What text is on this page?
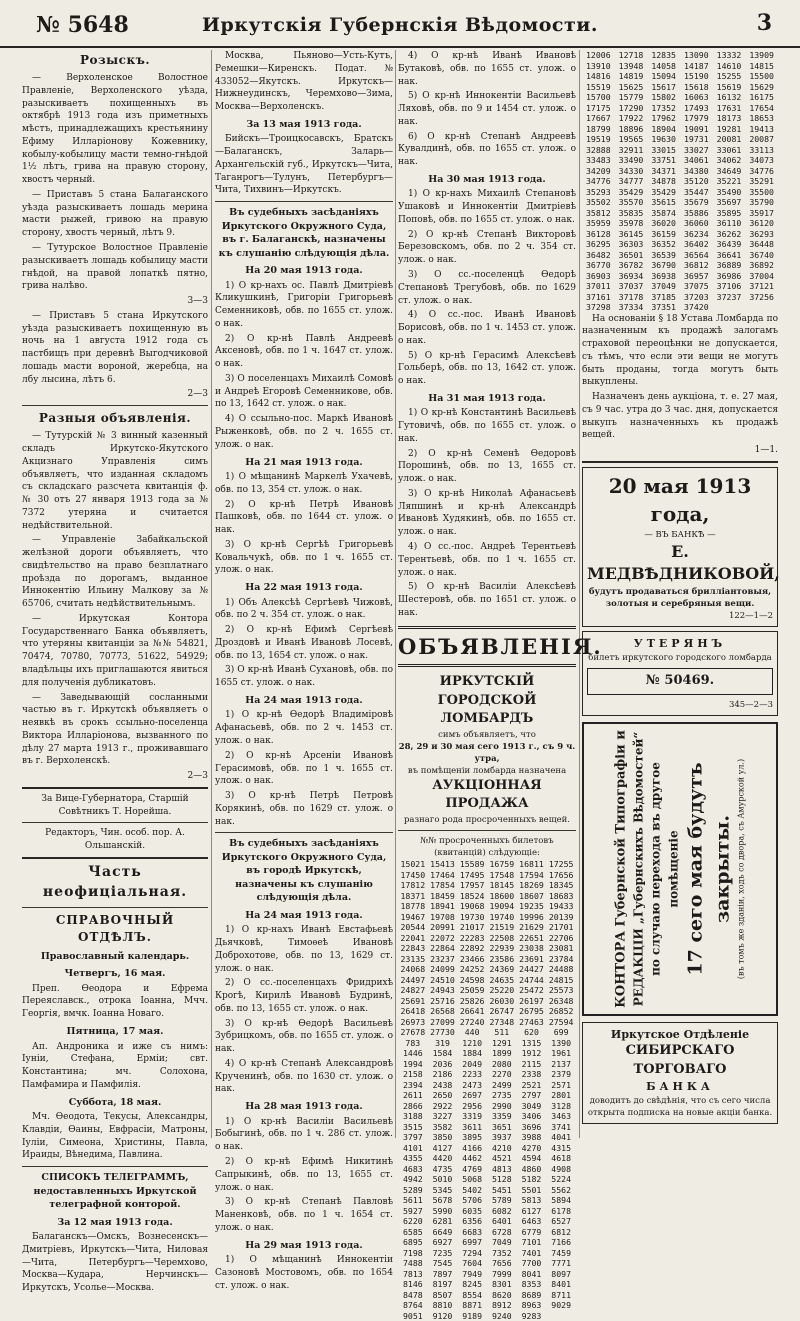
№ 5648	Иркутскія Губернскія Вѣдомости.	3
Розыскъ.

— Верхоленское Волостное Правленіе, Верхоленского уѣзда, разыскиваетъ похищенныхъ въ октябрѣ 1913 года изъ приметныхъ мѣстъ, принадлежащихъ крестьянину Ефиму Илларіонову Кожевнику, кобылу-кобылицу масти темно-гнѣдой 1½ лѣтъ, грива на правую сторону, хвостъ черный.

— Приставъ 5 стана Балаганского уѣзда разыскиваетъ лошадь мерина масти рыжей, гривою на правую сторону, хвостъ черный, лѣтъ 9.

— Тутурское Волостное Правленіе разыскиваетъ лошадь кобылицу масти гнѣдой, на правой лопаткѣ пятно, грива налѣво.

3—3

— Приставъ 5 стана Иркутского уѣзда разыскиваетъ похищенную въ ночь на 1 августа 1912 года съ пастбищъ при деревнѣ Выгодчиковой лошадь масти вороной, жеребца, на лбу лысина, лѣтъ 6.

2—3

Разныя объявленія.

— Тутурскій № 3 винный казенный складъ Иркутско-Якутского Акцизнаго Управленія симъ объявляетъ, что изданная складомъ съ складскаго разсчета квитанція ф. № 30 отъ 27 января 1913 года за № 7372 утеряна и считается недѣйствительной.

— Управленіе Забайкальской желѣзной дороги объявляетъ, что свидѣтельство на право безплатнаго проѣзда по дорогамъ, выданное Иннокентію Ильину Малкову за № 65706, считать недѣйствительнымъ.

— Иркутская Контора Государственнаго Банка объявляетъ, что утеряны квитанціи за №№ 54821, 70474, 70780, 70773, 51622, 54929; владѣльцы ихъ приглашаются явиться для полученія дубликатовъ.

— Заведывающій сосланными частью въ г. Иркутскѣ объявляетъ о неявкѣ въ срокъ ссыльно-поселенца Виктора Илларіонова, вызванного по дѣлу 27 марта 1913 г., проживавшаго въ г. Верхоленскѣ.

2—3

За Вице-Губернатора, Старшій Совѣтникъ Т. Норейша.

Редакторъ, Чин. особ. пор. А. Ольшанскій.

Часть неофиціальная.
СПРАВОЧНЫЙ ОТДѢЛЪ.
Православный календарь.
Четвергъ, 16 мая.

Преп. Ѳеодора и Ефрема Переяславск., отрока Ioанна, Мчч. Георгія, вмчк. Ioанна Новаго.

Пятница, 17 мая.

Ап. Андроника и иже съ нимъ: Іуніи, Стефана, Ерміи; свт. Константина; мч. Солохона, Памфамира и Памфилія.

Суббота, 18 мая.

Мч. Ѳеодота, Текусы, Александры, Клавдіи, Ѳаины, Евфрасіи, Матроны, Іуліи, Симеона, Христины, Павла, Ираиды, Вѣнедима, Павлина.

СПИСОКЪ ТЕЛЕГРАММЪ, недоставленныхъ Иркутской телеграфной конторой.
За 12 мая 1913 года.

Балаганскъ—Омскъ, Вознесенскъ—Дмитріевъ, Иркутскъ—Чита, Ниловая—Чита, Петербургъ—Черемхово, Москва—Кудара, Нерчинскъ—Иркутскъ, Усолье—Москва.

Москва, Пьяново—Усть-Кутъ, Ремешки—Киренскъ. Подат. № 433052—Якутскъ. Иркутскъ—Нижнеудинскъ, Черемхово—Зима, Москва—Верхоленскъ.

За 13 мая 1913 года.

Бийскъ—Троицкосавскъ, Братскъ—Балаганскъ, Заларь—Архангельскій губ., Иркутскъ—Чита, Таганрогъ—Тулунъ, Петербургъ—Чита, Тихвинъ—Иркутскъ.

Въ судебныхъ засѣданіяхъ Иркутского Окружного Суда, въ г. Балаганскѣ, назначены къ слушанію слѣдующія дѣла.
На 20 мая 1913 года.

1) О кр-нахъ ос. Павлѣ Дмитріевѣ Кликушкинѣ, Григоріи Григорьевѣ Семенниковѣ, обв. по 1655 ст. улож. о нак.

2) О кр-нѣ Павлѣ Андреевѣ Аксеновѣ, обв. по 1 ч. 1647 ст. улож. о нак.

3) О поселенцахъ Михаилѣ Сомовѣ и Андреѣ Егоровѣ Семенникове, обв. по 13, 1642 ст. улож. о нак.

4) О ссыльно-пос. Маркѣ Ивановѣ Рыженковѣ, обв. по 2 ч. 1655 ст. улож. о нак.

На 21 мая 1913 года.

1) О мѣщанинѣ Маркелѣ Ухачевѣ, обв. по 13, 354 ст. улож. о нак.

2) О кр-нѣ Петрѣ Ивановѣ Пашковѣ, обв. по 1644 ст. улож. о нак.

3) О кр-нѣ Сергѣѣ Григорьевѣ Ковальчукѣ, обв. по 1 ч. 1655 ст. улож. о нак.

На 22 мая 1913 года.

1) Объ Алексѣѣ Сергѣевѣ Чижовѣ, обв. по 2 ч. 354 ст. улож. о нак.

2) О кр-нѣ Ефимѣ Сергѣевѣ Дроздовѣ и Иванѣ Ивановѣ Лосевѣ, обв. по 13, 1654 ст. улож. о нак.

3) О кр-нѣ Иванѣ Сухановѣ, обв. по 1655 ст. улож. о нак.

На 24 мая 1913 года.

1) О кр-нѣ Ѳедорѣ Владиміровѣ Афанасьевѣ, обв. по 2 ч. 1453 ст. улож. о нак.

2) О кр-нѣ Арсеніи Ивановѣ Герасимовѣ, обв. по 1 ч. 1655 ст. улож. о нак.

3) О кр-нѣ Петрѣ Петровѣ Корякинѣ, обв. по 1629 ст. улож. о нак.

Въ судебныхъ засѣданіяхъ Иркутского Окружного Суда, въ городѣ Иркутскѣ, назначены къ слушанію слѣдующія дѣла.
На 24 мая 1913 года.

1) О кр-нахъ Иванѣ Евстафьевѣ Дьячковѣ, Тимоѳеѣ Ивановѣ Доброхотове, обв. по 13, 1629 ст. улож. о нак.

2) О сс.-поселенцахъ Фридрихѣ Крогѣ, Кирилѣ Ивановѣ Будринѣ, обв. по 13, 1655 ст. улож. о нак.

3) О кр-нѣ Ѳедорѣ Васильевѣ Зубрицкомъ, обв. по 1655 ст. улож. о нак.

4) О кр-нѣ Степанѣ Александровѣ Крученинѣ, обв. по 1630 ст. улож. о нак.

На 28 мая 1913 года.

1) О кр-нѣ Василіи Васильевѣ Бобыгинѣ, обв. по 1 ч. 286 ст. улож. о нак.

2) О кр-нѣ Ефимѣ Никитинѣ Сапрыкинѣ, обв. по 13, 1655 ст. улож. о нак.

3) О кр-нѣ Степанѣ Павловѣ Маненковѣ, обв. по 1 ч. 1654 ст. улож. о нак.

На 29 мая 1913 года.

1) О мѣщанинѣ Иннокентіи Сазоновѣ Мостовомъ, обв. по 1654 ст. улож. о нак.

4) О кр-нѣ Иванѣ Ивановѣ Бутаковѣ, обв. по 1655 ст. улож. о нак.

5) О кр-нѣ Иннокентіи Васильевѣ Ляховѣ, обв. по 9 и 1454 ст. улож. о нак.

6) О кр-нѣ Степанѣ Андреевѣ Кувалдинѣ, обв. по 1655 ст. улож. о нак.

На 30 мая 1913 года.

1) О кр-нахъ Михаилѣ Степановѣ Ушаковѣ и Иннокентіи Дмитріевѣ Поповѣ, обв. по 1655 ст. улож. о нак.

2) О кр-нѣ Степанѣ Викторовѣ Березовскомъ, обв. по 2 ч. 354 ст. улож. о нак.

3) О сс.-поселенцѣ Ѳедорѣ Степановѣ Трегубовѣ, обв. по 1629 ст. улож. о нак.

4) О сс.-пос. Иванѣ Ивановѣ Борисовѣ, обв. по 1 ч. 1453 ст. улож. о нак.

5) О кр-нѣ Герасимѣ Алексѣевѣ Гольберѣ, обв. по 13, 1642 ст. улож. о нак.

На 31 мая 1913 года.

1) О кр-нѣ Константинѣ Васильевѣ Гутовичѣ, обв. по 1655 ст. улож. о нак.

2) О кр-нѣ Семенѣ Ѳедоровѣ Порошинѣ, обв. по 13, 1655 ст. улож. о нак.

3) О кр-нѣ Николаѣ Афанасьевѣ Ляпшинѣ и кр-нѣ Александрѣ Ивановѣ Худякинѣ, обв. по 1655 ст. улож. о нак.

4) О сс.-пос. Андреѣ Терентьевѣ Терентьевѣ, обв. по 1 ч. 1655 ст. улож. о нак.

5) О кр-нѣ Василіи Алексѣевѣ Шестеровѣ, обв. по 1651 ст. улож. о нак.

ОБЪЯВЛЕНІЯ.
ИРКУТСКІЙ ГОРОДСКОЙ ЛОМБАРДЪ
симъ объявляетъ, что
28, 29 и 30 мая сего 1913 г., съ 9 ч. утра,
въ помѣщеніи ломбарда назначена
АУКЦІОННАЯ ПРОДАЖА
разнаго рода просроченныхъ вещей.
№№ просроченныхъ билетовъ (квитанцій) слѣдующіе:
15021 15413 15589 16759 16811 17255
17450 17464 17495 17548 17594 17656
17812 17854 17957 18145 18269 18345
18371 18459 18524 18600 18607 18683
18778 18941 19068 19094 19235 19433
19467 19708 19730 19740 19996 20139
20544 20991 21017 21519 21629 21701
22041 22072 22283 22508 22651 22706
22843 22864 22892 22939 23038 23081
23135 23237 23466 23586 23691 23784
24068 24099 24252 24369 24427 24488
24497 24510 24598 24635 24744 24815
24827 24943 25059 25220 25472 25573
25691 25716 25826 26030 26197 26348
26418 26568 26641 26747 26795 26852
26973 27099 27240 27348 27463 27594
27678 27730	440	511	620	699
783	319	1210	1291	1315	1390
1446	1584	1884	1899	1912	1961
1994	2036	2049	2080	2115	2137
2158	2186	2233	2270	2338	2379
2394	2438	2473	2499	2521	2571
2611	2650	2697	2735	2797	2801
2866	2922	2956	2990	3049	3128
3188	3227	3319	3359	3406	3463
3515	3582	3611	3651	3696	3741
3797	3850	3895	3937	3988	4041
4101	4127	4166	4210	4270	4315
4355	4420	4462	4521	4594	4618
4683	4735	4769	4813	4860	4908
4942	5010	5068	5128	5182	5224
5289	5345	5402	5451	5501	5562
5611	5678	5706	5789	5813	5894
5927	5990	6035	6082	6127	6178
6220	6281	6356	6401	6463	6527
6585	6649	6683	6728	6779	6812
6895	6927	6997	7049	7101	7166
7198	7235	7294	7352	7401	7459
7488	7545	7604	7656	7700	7771
7813	7897	7949	7999	8041	8097
8146	8197	8245	8301	8353	8401
8478	8507	8554	8620	8689	8711
8764	8810	8871	8912	8963	9029
9051	9120	9189	9240	9283
12006 12718 12835 13090 13332 13909
13910 13948 14058 14187 14610 14815
14816 14819 15094 15190 15255 15500
15519 15625 15617 15618 15619 15629
15700 15779 15802 16063 16132 16175
17175 17290 17352 17493 17631 17654
17667 17922 17962 17979 18173 18653
18799 18896 18904 19091 19281 19413
19519 19565 19630 19731 20081 20087
32888 32911 33015 33027 33061 33113
33483 33490 33751 34061 34062 34073
34209 34330 34371 34380 34649 34776
34776 34777 34878 35120 35221 35291
35293 35429 35429 35447 35490 35500
35502 35570 35615 35679 35697 35790
35812 35835 35874 35886 35895 35917
35959 35978 36020 36060 36110 36120
36128 36145 36159 36234 36262 36293
36295 36303 36352 36402 36439 36448
36482 36501 36539 36564 36641 36740
36770 36782 36790 36812 36889 36892
36903 36934 36938 36957 36986 37004
37011 37037 37049 37075 37106 37121
37161 37178 37185 37203 37237 37256
37298 37334 37351 37420

На основаніи § 18 Устава Ломбарда по назначенным къ продажѣ залогамъ страховой переоцѣнки не допускается, съ тѣмъ, что если эти вещи не могутъ быть проданы, тогда могутъ быть выкуплены.

Назначенъ день аукціона, т. е. 27 мая, съ 9 час. утра до 3 час. дня, допускается выкупъ назначенныхъ къ продажѣ вещей.

1—1.

20 мая 1913 года,
— ВЪ БАНКѢ —
Е. МЕДВѢДНИКОВОЙ,
будутъ продаваться бриллiантовыя, золотыя и серебряныя вещи.
122—1—2
УТЕРЯНЪ
билетъ иркутского городского ломбарда
№ 50469.
345—2—3
КОНТОРА Губернской Типографіи и РЕДАКЦІИ „Губернскихъ Вѣдомостей“ по случаю перехода въ другое помѣщеніе 17 сего мая будутъ закрыты. (въ томъ же зданіи, ходъ со двора, съ Амурской ул.)
Иркутское Отдѣленіе
СИБИРСКАГО ТОРГОВАГО
БАНКА
доводитъ до свѣдѣнія, что съ сего числа открыта подписка на новые акціи банка.
